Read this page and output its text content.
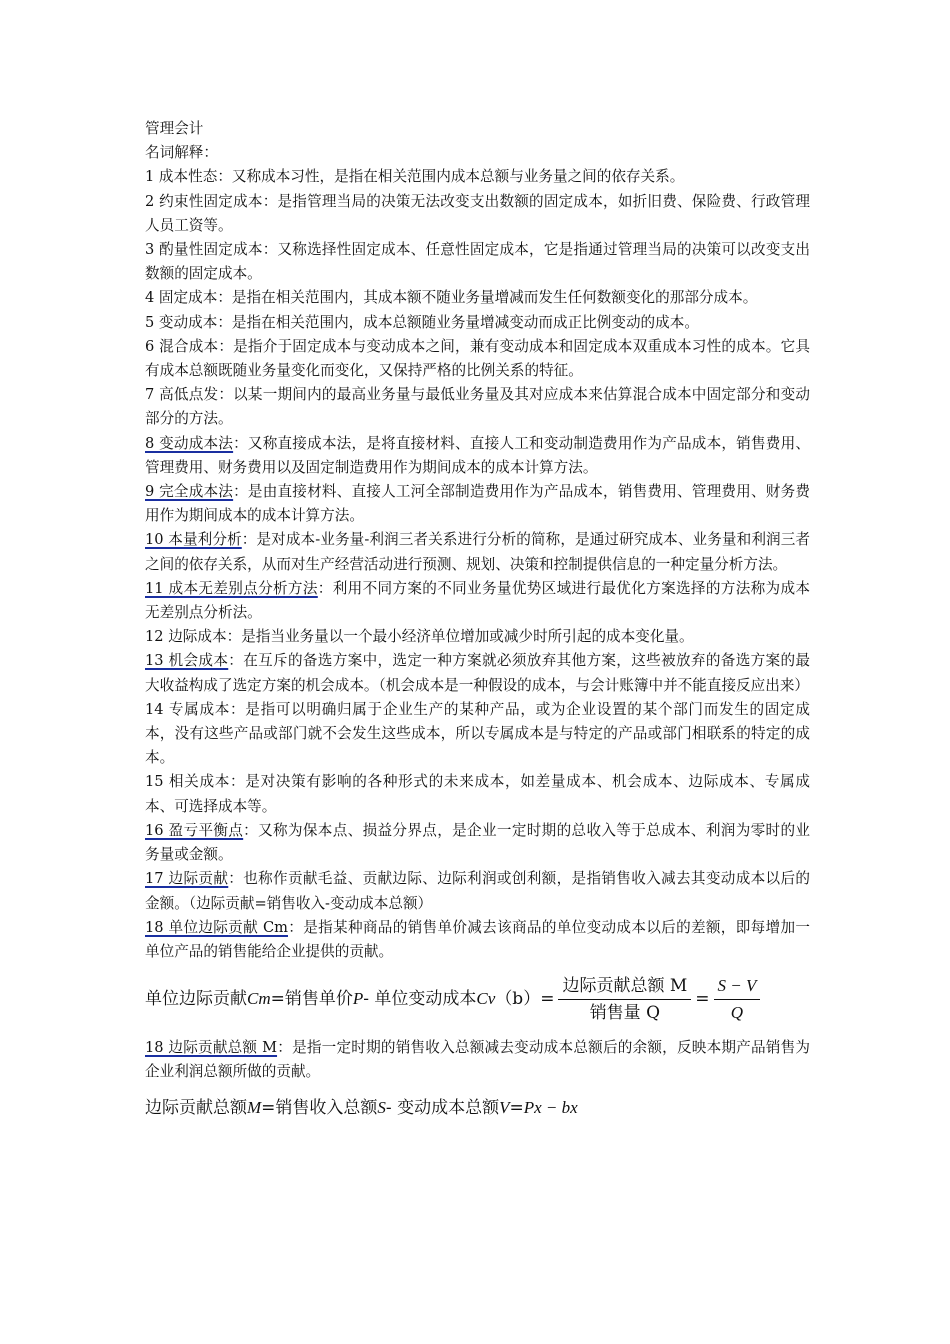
管理会计

名词解释：

1 成本性态：又称成本习性，是指在相关范围内成本总额与业务量之间的依存关系。

2 约束性固定成本：是指管理当局的决策无法改变支出数额的固定成本，如折旧费、保险费、行政管理人员工资等。

3 酌量性固定成本：又称选择性固定成本、任意性固定成本，它是指通过管理当局的决策可以改变支出数额的固定成本。

4 固定成本：是指在相关范围内，其成本额不随业务量增减而发生任何数额变化的那部分成本。

5 变动成本：是指在相关范围内，成本总额随业务量增减变动而成正比例变动的成本。

6 混合成本：是指介于固定成本与变动成本之间，兼有变动成本和固定成本双重成本习性的成本。它具有成本总额既随业务量变化而变化，又保持严格的比例关系的特征。

7 高低点发：以某一期间内的最高业务量与最低业务量及其对应成本来估算混合成本中固定部分和变动部分的方法。

8 变动成本法：又称直接成本法，是将直接材料、直接人工和变动制造费用作为产品成本，销售费用、管理费用、财务费用以及固定制造费用作为期间成本的成本计算方法。

9 完全成本法：是由直接材料、直接人工河全部制造费用作为产品成本，销售费用、管理费用、财务费用作为期间成本的成本计算方法。

10 本量利分析：是对成本-业务量-利润三者关系进行分析的简称，是通过研究成本、业务量和利润三者之间的依存关系，从而对生产经营活动进行预测、规划、决策和控制提供信息的一种定量分析方法。

11 成本无差别点分析方法：利用不同方案的不同业务量优势区域进行最优化方案选择的方法称为成本无差别点分析法。

12 边际成本：是指当业务量以一个最小经济单位增加或减少时所引起的成本变化量。

13 机会成本：在互斥的备选方案中，选定一种方案就必须放弃其他方案，这些被放弃的备选方案的最大收益构成了选定方案的机会成本。（机会成本是一种假设的成本，与会计账簿中并不能直接反应出来）

14 专属成本：是指可以明确归属于企业生产的某种产品，或为企业设置的某个部门而发生的固定成本，没有这些产品或部门就不会发生这些成本，所以专属成本是与特定的产品或部门相联系的特定的成本。

15 相关成本：是对决策有影响的各种形式的未来成本，如差量成本、机会成本、边际成本、专属成本、可选择成本等。

16 盈亏平衡点：又称为保本点、损益分界点，是企业一定时期的总收入等于总成本、利润为零时的业务量或金额。

17 边际贡献：也称作贡献毛益、贡献边际、边际利润或创利额，是指销售收入减去其变动成本以后的金额。（边际贡献=销售收入-变动成本总额）

18 单位边际贡献 Cm：是指某种商品的销售单价减去该商品的单位变动成本以后的差额，即每增加一单位产品的销售能给企业提供的贡献。

单位边际贡献 Cm = 销售单价 P - 单位变动成本 Cv $(b) = \frac{\text{边际贡献总额 M}}{\text{销售量 Q}} = \frac{S - V}{Q}$

18 边际贡献总额 M：是指一定时期的销售收入总额减去变动成本总额后的余额，反映本期产品销售为企业利润总额所做的贡献。

边际贡献总额 M = 销售收入总额 S - 变动成本总额 V = Px − bx
